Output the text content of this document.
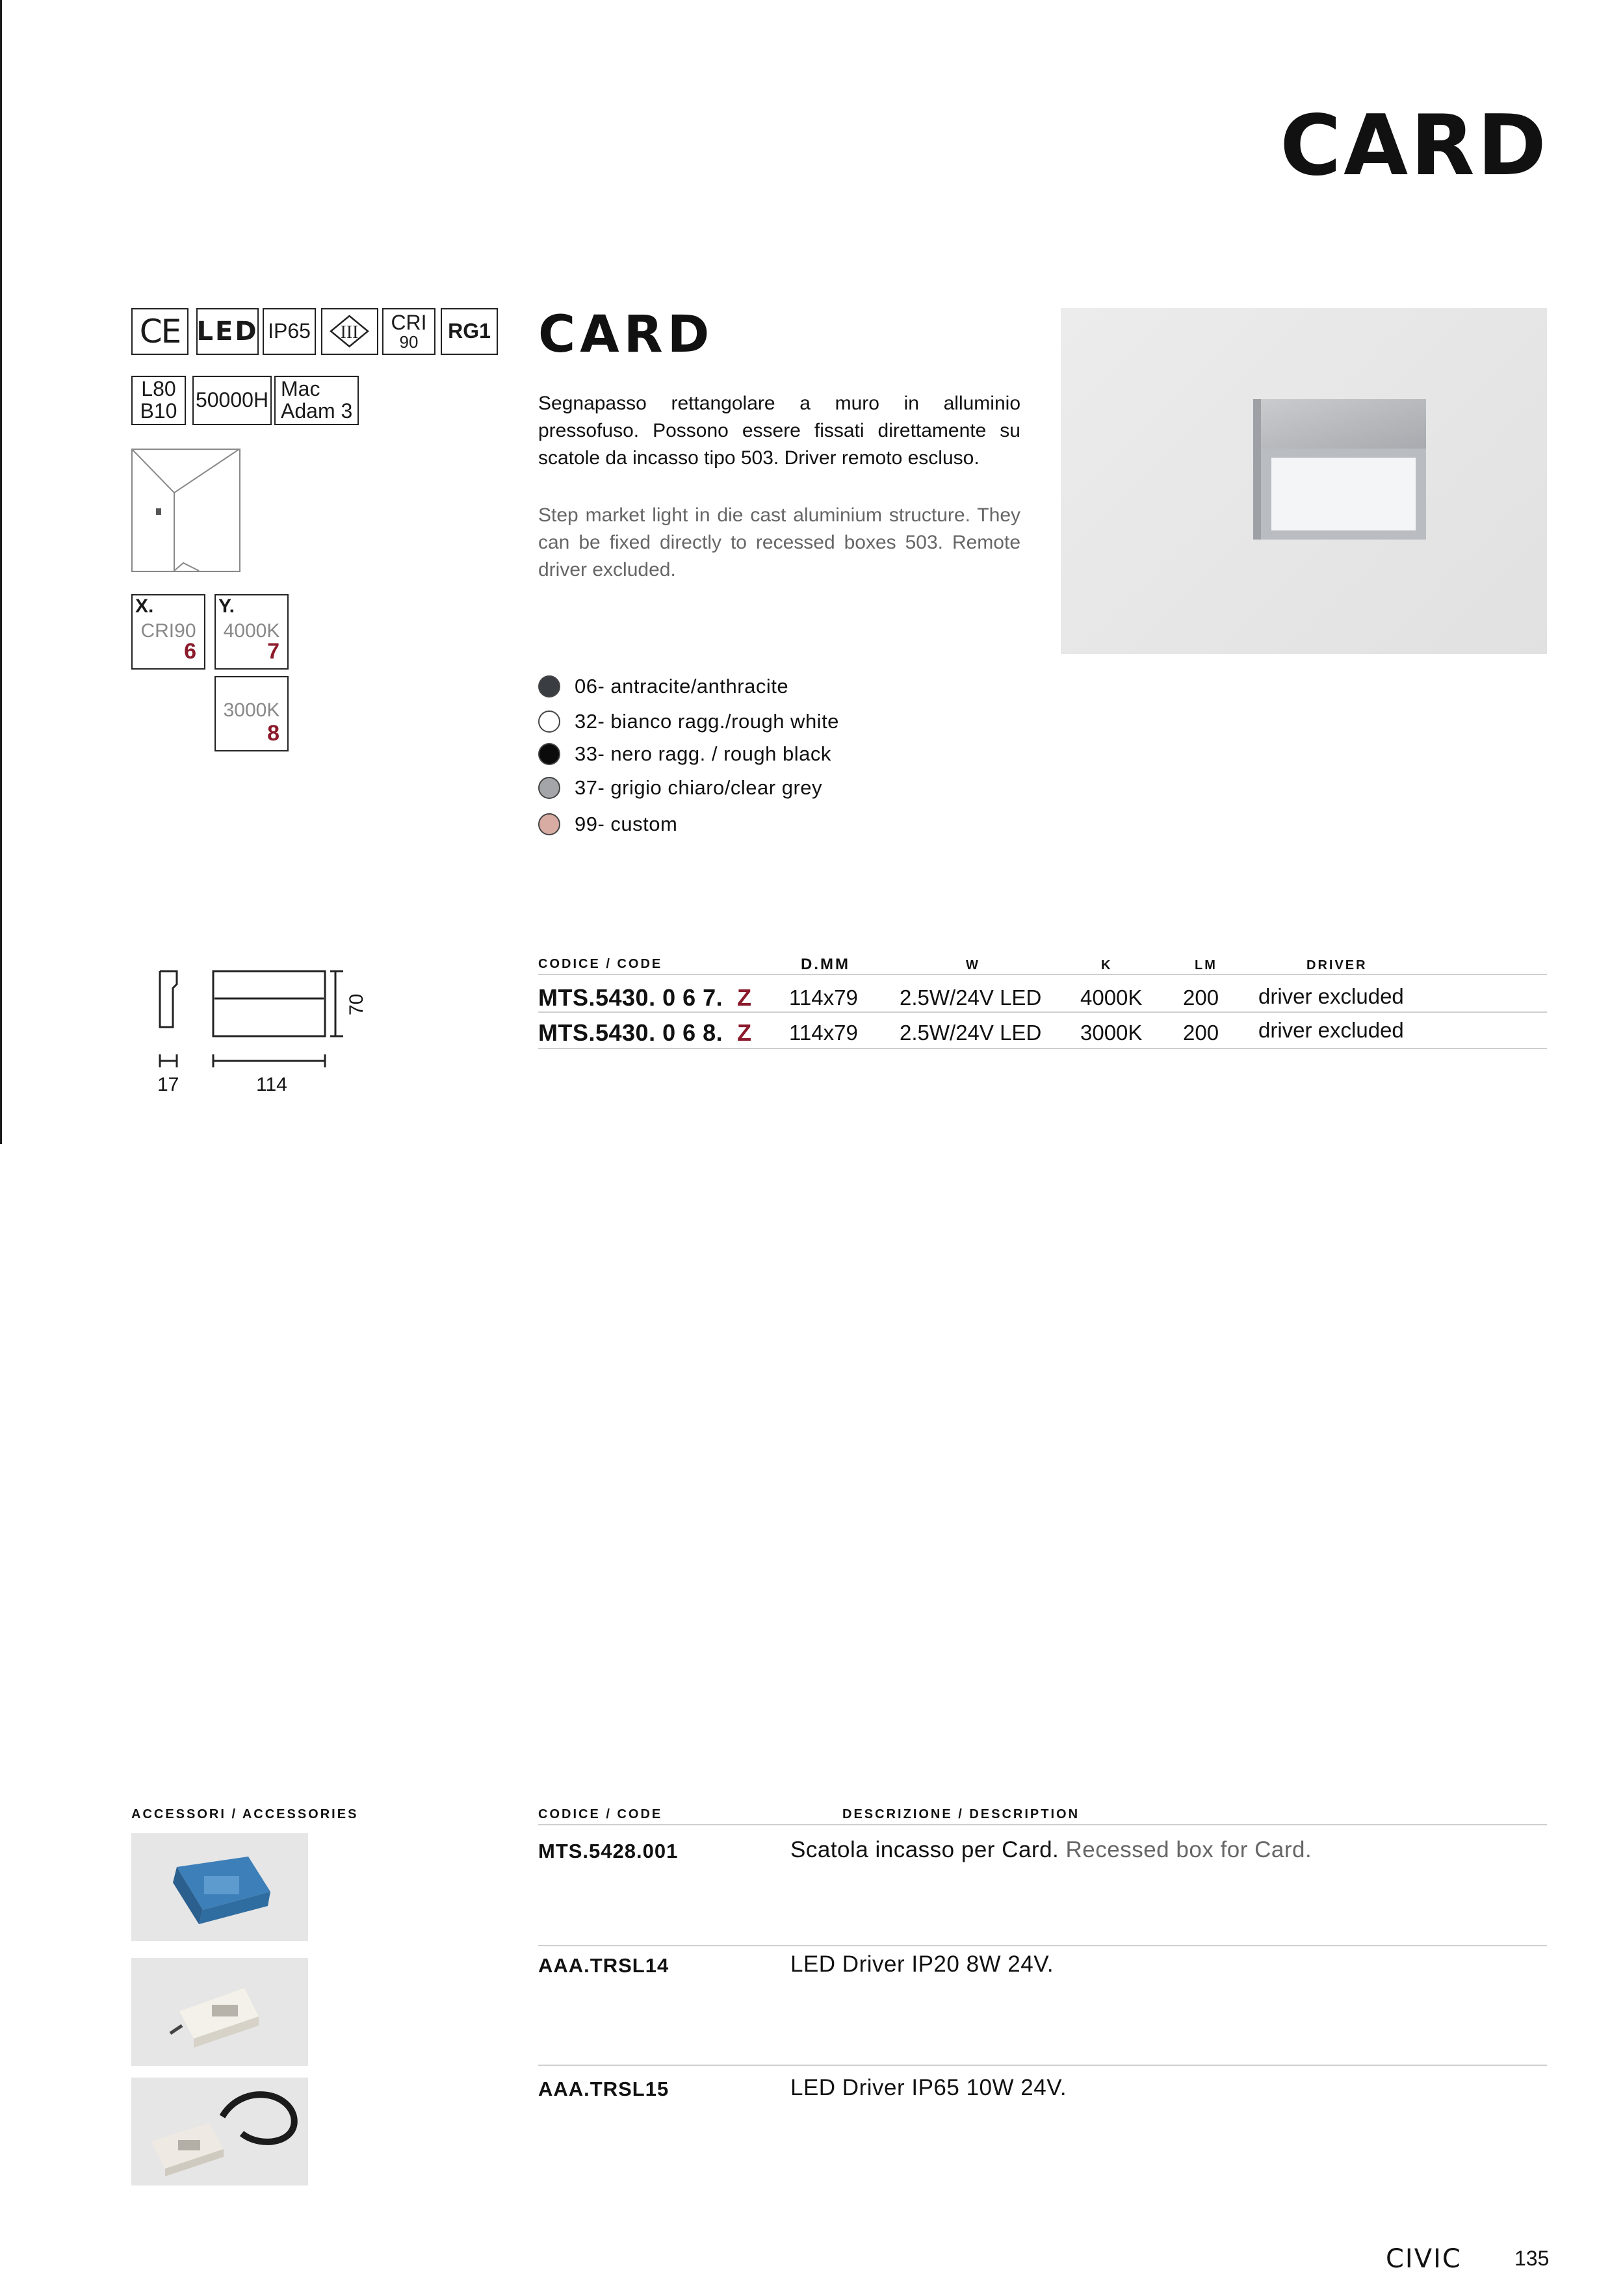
CARD
CE LED IP65 III CRI
90	RG1
L80
B10 50000H Mac
Adam 3
X.
CRI90
6
Y.
4000K
7
3000K
8
CARD
Segnapasso rettangolare a muro in alluminio pressofuso. Possono essere fissati direttamente su scatole da incasso tipo 503. Driver remoto escluso.
Step market light in die cast aluminium structure. They can be fixed directly to recessed boxes 503. Remote driver excluded.
06- antracite/anthracite
32- bianco ragg./rough white
33- nero ragg. / rough black
37- grigio chiaro/clear grey
99- custom
17	114
70
CODICE / CODE	D.MM	W	K	LM	DRIVER
MTS.5430. 0 6 7. Z 114x79 2.5W/24V LED 4000K 200 driver excluded
MTS.5430. 0 6 8. Z 114x79 2.5W/24V LED 3000K 200 driver excluded
ACCESSORI / ACCESSORIES	CODICE / CODE	DESCRIZIONE / DESCRIPTION
MTS.5428.001	Scatola incasso per Card. Recessed box for Card.
AAA.TRSL14	LED Driver IP20 8W 24V.
AAA.TRSL15	LED Driver IP65 10W 24V.
CIVIC	135
